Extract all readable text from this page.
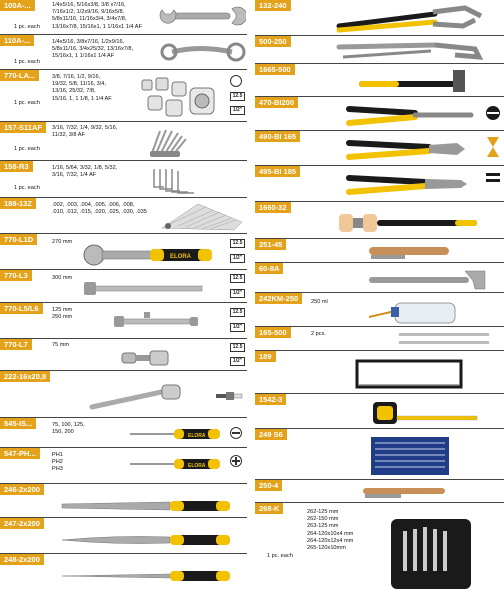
100A-...	1/4x5/16, 5/16x3/8, 3/8 x7/16,
7/16x1/2, 1/2x9/16, 9/16x5/8,
5/8x11/16, 11/16x3/4, 3/4x7/8,
13/16x7/8, 15/16x1, 1 1/16x1 1/4 AF
1 pc. each
110A-...	1/4x5/16, 3/8x7/16, 1/2x9/16,
5/8x11/16, 3/4x25/32, 13/16x7/8,
15/16x1, 1 1/16x1 1/4 AF
1 pc. each
770-LA...	3/8, 7/16, 1/2, 9/16,
19/32, 5/8, 11/16, 3/4,
13/16, 25/32, 7/8,
15/16, 1, 1 1/8, 1 1/4 AF
1 pc. each
12.5
1/2"
157-S11AF	3/16, 7/32, 1/4, 9/32, 5/16,
11/32, 3/8 AF
1 pc. each
158-R3	1/16, 5/64, 3/32, 1/8, 5/32,
3/16, 7/32, 1/4 AF
1 pc. each
188-13Z	.002, .003, .004, .005, .006, .008,
.010, .012, .015, .020, .025, .030, .035
770-L1D	270 mm
ELORA
12.5
1/2"
770-L3	300 mm	12.5
1/2"
770-L5/L6	125 mm
250 mm
12.5
1/2"
770-L7	75 mm	12.5
1/2"
222-16x20,8
545-IS...	75, 100, 125,
150, 200
ELORA
547-PH...	PH1
PH2
PH3
ELORA
246-2x200
247-2x200
248-2x200
132-240
500-250
1665-500
470-BI200
490-BI 165
495-BI 185
1660-32
251-45
60-8A
242KM-250	250 ml
165-500	2 pcs.
189
1542-3
249 S6
250-4
268-K	262-125 mm
262-150 mm
263-125 mm
264-120x10x4 mm
264-120x12x4 mm
265-120x10mm
1 pc. each
